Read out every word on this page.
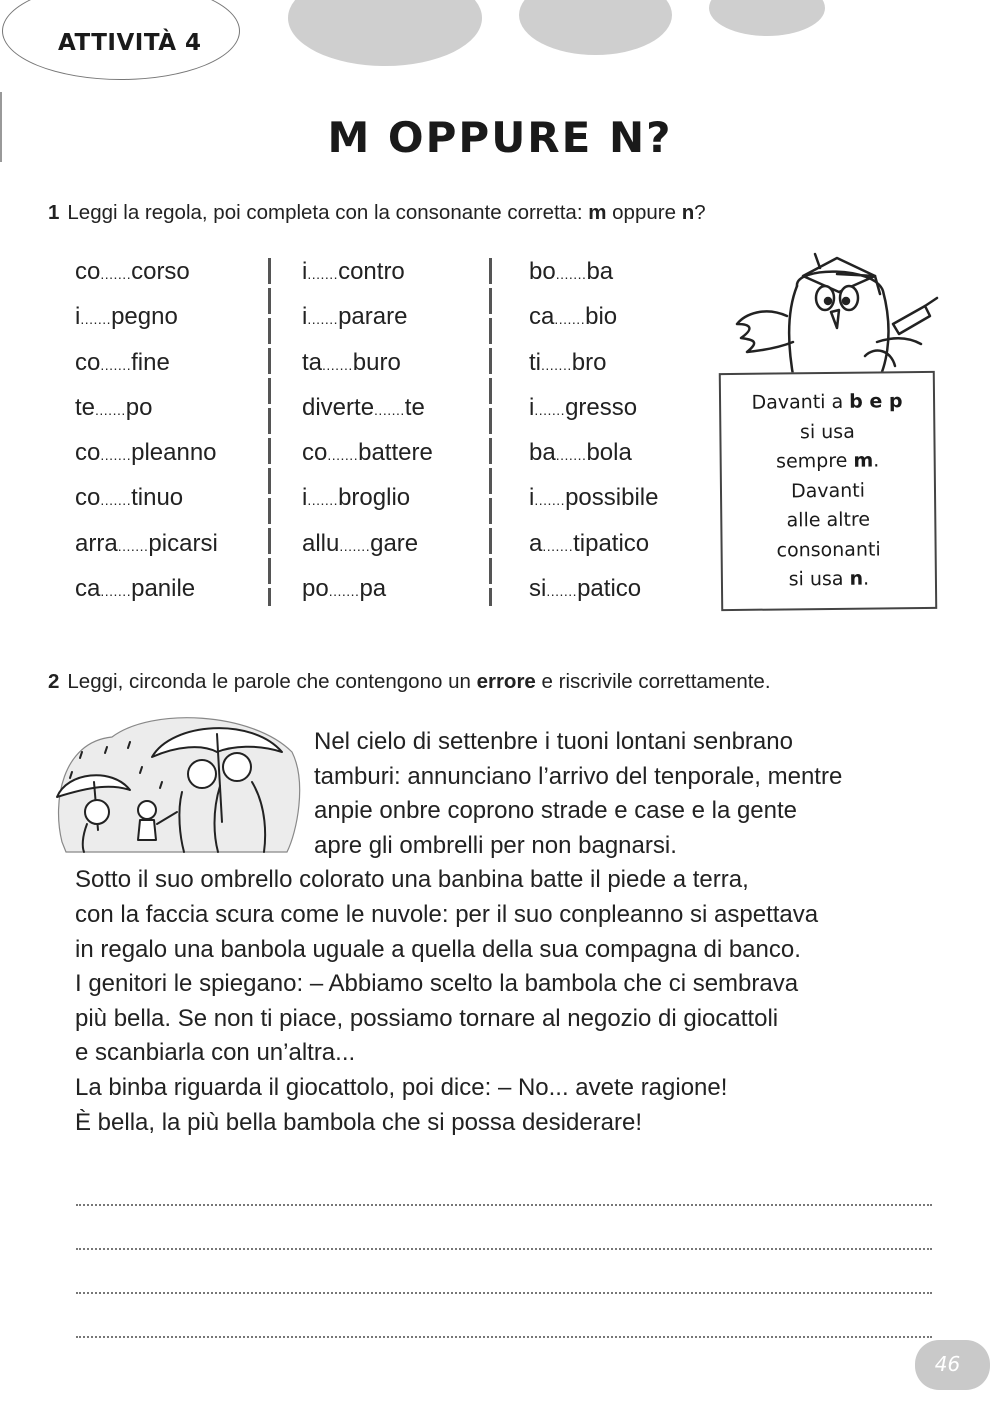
ATTIVITÀ 4
M OPPURE N?
1 Leggi la regola, poi completa con la consonante corretta: m oppure n?
co.......corso
i.......pegno
co.......fine
te.......po
co.......pleanno
co.......tinuo
arra.......picarsi
ca.......panile
i.......contro
i.......parare
ta.......buro
diverte.......te
co.......battere
i.......broglio
allu.......gare
po.......pa
bo.......ba
ca.......bio
ti.......bro
i.......gresso
ba.......bola
i.......possibile
a.......tipatico
si.......patico
Davanti a b e p
si usa
sempre m.
Davanti
alle altre
consonanti
si usa n.
2 Leggi, circonda le parole che contengono un errore e riscrivile correttamente.
Nel cielo di settenbre i tuoni lontani senbrano
tamburi: annunciano l’arrivo del tenporale, mentre
anpie onbre coprono strade e case e la gente
apre gli ombrelli per non bagnarsi.
Sotto il suo ombrello colorato una banbina batte il piede a terra,
con la faccia scura come le nuvole: per il suo conpleanno si aspettava
in regalo una banbola uguale a quella della sua compagna di banco.
I genitori le spiegano: – Abbiamo scelto la bambola che ci sembrava
più bella. Se non ti piace, possiamo tornare al negozio di giocattoli
e scanbiarla con un’altra...
La binba riguarda il giocattolo, poi dice: – No... avete ragione!
È bella, la più bella bambola che si possa desiderare!
46
